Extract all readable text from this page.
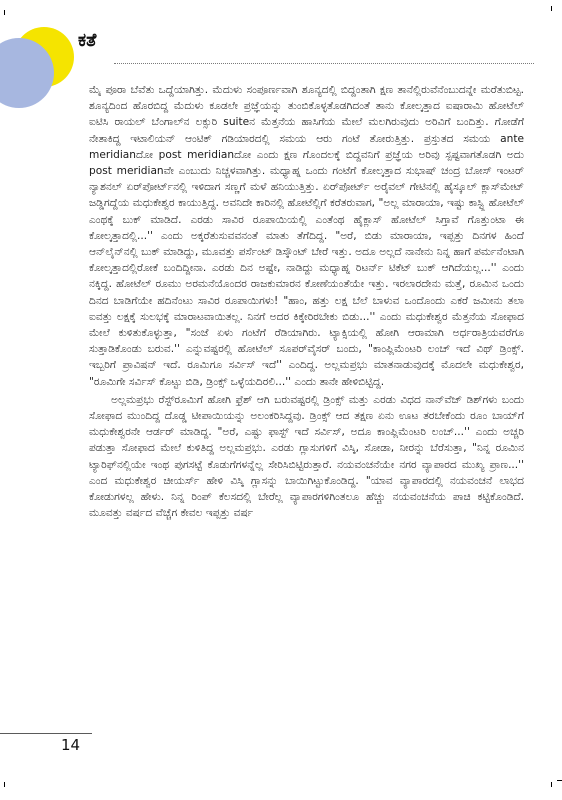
ಕತೆ

ಮೈ ಪೂರಾ ಬೆವೆತು ಒದ್ದೆಯಾಗಿತ್ತು. ಮೆದುಳು ಸಂಪೂರ್ಣವಾಗಿ ಶೂನ್ಯದಲ್ಲಿ ಬಿದ್ದಂತಾಗಿ ಕ್ಷಣ ತಾನೆಲ್ಲಿರುವೆನೆಂಬುದನ್ನೇ ಮರೆತುಬಿಟ್ಟ. ಶೂನ್ಯದಿಂದ ಹೊರಬಿದ್ದ ಮೆದುಳು ಕೂಡಲೇ ಪ್ರಜ್ಞೆಯನ್ನು ತುಂಬಿಕೊಳ್ಳತೊಡಗಿದಂತೆ ತಾನು ಕೋಲ್ಕತ್ತಾದ ಐಷಾರಾಮಿ ಹೋಟೆಲ್ ಐಟಿಸಿ ರಾಯಲ್ ಬೆಂಗಾಲ್‌ನ ಲಕ್ಸುರಿ suiteನ ಮೆತ್ತನೆಯ ಹಾಸಿಗೆಯ ಮೇಲೆ ಮಲಗಿರುವುದು ಅರಿವಿಗೆ ಬಂದಿತ್ತು. ಗೋಡೆಗೆ ನೇತಾಕಿದ್ದ ಇಟಾಲಿಯನ್ ಆಂಟಿಕ್ ಗಡಿಯಾರದಲ್ಲಿ ಸಮಯ ಆರು ಗಂಟೆ ತೋರುತ್ತಿತ್ತು. ಪ್ರಸ್ತುತದ ಸಮಯ ante meridianದೋ post meridianದೋ ಎಂದು ಕ್ಷಣ ಗೊಂದಲಕ್ಕೆ ಬಿದ್ದವನಿಗೆ ಪ್ರಜ್ಞೆಯ ಅರಿವು ಸ್ಪಷ್ಟವಾಗತೊಡಗಿ ಅದು post meridianವೇ ಎಂಬುದು ನಿಚ್ಚಳವಾಗಿತ್ತು. ಮಧ್ಯಾಹ್ನ ಒಂದು ಗಂಟೆಗೆ ಕೋಲ್ಕತ್ತಾದ ಸುಭಾಷ್ ಚಂದ್ರ ಬೋಸ್ ಇಂಟರ್ ನ್ಯಾಶನಲ್ ಏರ್‌ಪೋರ್ಟ್‌ನಲ್ಲಿ ಇಳಿದಾಗ ಸಣ್ಣಗೆ ಮಳೆ ಹನಿಯುತ್ತಿತ್ತು. ಏರ್‌ಪೋರ್ಟ್ ಅರೈವಲ್ ಗೇಟಿನಲ್ಲಿ ಹೈಸ್ಕೂಲ್ ಕ್ಲಾಸ್‌ಮೇಟ್ ಜಡ್ಡಿಗದ್ದೆಯ ಮಧುಕೇಶ್ವರ ಕಾಯುತ್ತಿದ್ದ. ಅವನಿದೇ ಕಾರಿನಲ್ಲಿ ಹೋಟೆಲ್ಲಿಗೆ ಕರೆತರುವಾಗ, "ಅಲ್ಲ ಮಾರಾಯಾ, ಇಷ್ಟು ಕಾಸ್ಟ್ಲಿ ಹೋಟೆಲ್ ಎಂಥಕ್ಕೆ ಬುಕ್ ಮಾಡಿದೆ. ಎರಡು ಸಾವಿರ ರೂಪಾಯಿಯಲ್ಲಿ ಎಂತೆಂಥ ಹೈಕ್ಲಾಸ್ ಹೋಟೆಲ್ ಸಿಗ್ತಾವೆ ಗೊತ್ತುಂಟಾ ಈ ಕೋಲ್ಕತ್ತಾದಲ್ಲಿ...'' ಎಂದು ಅಕ್ಕರೆತುಸುವವನಂತೆ ಮಾತು ತೆಗೆದಿದ್ದ. "ಅರೆ, ಬಿಡು ಮಾರಾಯಾ, ಇಪ್ಪತ್ತು ದಿನಗಳ ಹಿಂದೆ ಆನ್‌ಲೈನ್‌ನಲ್ಲಿ ಬುಕ್ ಮಾಡಿದ್ದು, ಮೂವತ್ತು ಪರ್ಸೆಂಟ್ ಡಿಸ್ಕೌಂಟ್ ಬೇರೆ ಇತ್ತು. ಅದೂ ಅಲ್ಲದೆ ನಾನೇನು ನಿನ್ನ ಹಾಗೆ ಪರ್ಮನೆಂಟಾಗಿ ಕೋಲ್ಕತ್ತಾದಲ್ಲಿರೋಕೆ ಬಂದಿದ್ದೀನಾ. ಎರಡು ದಿನ ಅಷ್ಟೇ, ನಾಡಿದ್ದು ಮಧ್ಯಾಹ್ನ ರಿಟರ್ನ್ ಟಿಕೆಟ್ ಬುಕ್ ಆಗಿದೆಯಲ್ಲ...'' ಎಂದು ನಕ್ಕಿದ್ದ. ಹೋಟೆಲ್ ರೂಮು ಅರಮನೆಯೊಂದರ ರಾಜಕುಮಾರನ ಕೋಣೆಯಂತೆಯೇ ಇತ್ತು. ಇರಲಾರದೇನು ಮತ್ತೆ, ರೂಮಿನ ಒಂದು ದಿನದ ಬಾಡಿಗೆಯೇ ಹದಿನೆಂಟು ಸಾವಿರ ರೂಪಾಯಿಗಳು! "ಹಾಂ, ಹತ್ತು ಲಕ್ಷ ಬೆಲೆ ಬಾಳುವ ಒಂದೊಂದು ಎಕರೆ ಜಮೀನು ತಲಾ ಐವತ್ತು ಲಕ್ಷಕ್ಕೆ ಸುಲಭಕ್ಕೆ ಮಾರಾಟವಾಯಿತಲ್ಲ. ನಿನಗೆ ಅದರ ಕಿಕ್ಕೇರಿರಬೇಕು ಬಿಡು...'' ಎಂದು ಮಧುಕೇಶ್ವರ ಮೆತ್ತನೆಯ ಸೋಫಾದ ಮೇಲೆ ಕುಳಿತುಕೊಳ್ಳುತ್ತಾ, "ಸಂಜೆ ಏಳು ಗಂಟೆಗೆ ರೆಡಿಯಾಗಿರು. ಟ್ಯಾಕ್ಸಿಯಲ್ಲಿ ಹೋಗಿ ಆರಾಮಾಗಿ ಅರ್ಧರಾತ್ರಿಯವರೆಗೂ ಸುತ್ತಾಡಿಕೊಂಡು ಬರುವ.'' ಎನ್ನುವಷ್ಟರಲ್ಲಿ ಹೋಟೆಲ್ ಸೂಪರ್‌ವೈಸರ್ ಬಂದು, "ಕಾಂಪ್ಲಿಮೆಂಟರಿ ಲಂಚ್ ಇದೆ ವಿಥ್ ಡ್ರಿಂಕ್ಸ್. ಇಬ್ಬರಿಗೆ ಪ್ರಾವಿಷನ್ ಇದೆ. ರೂಮಿಗೂ ಸರ್ವಿಸ್ ಇದೆ'' ಎಂದಿದ್ದ. ಅಲ್ಲಮಪ್ರಭು ಮಾತನಾಡುವುದಕ್ಕೆ ಮೊದಲೇ ಮಧುಕೇಶ್ವರ, "ರೂಮಿಗೇ ಸರ್ವಿಸ್ ಕೊಟ್ಟು ಬಿಡಿ, ಡ್ರಿಂಕ್ಸ್ ಒಳ್ಳೆಯದಿರಲಿ...'' ಎಂದು ತಾನೇ ಹೇಳಿಬಿಟ್ಟಿದ್ದ.

ಅಲ್ಲಮಪ್ರಭು ರೆಸ್ಟ್‌ರೂಮಿಗೆ ಹೋಗಿ ಫ್ರೆಶ್ ಆಗಿ ಬರುವಷ್ಟರಲ್ಲಿ ಡ್ರಿಂಕ್ಸ್ ಮತ್ತು ಎರಡು ವಿಧದ ನಾನ್‌ವೆಜ್ ಡಿಶ್‌ಗಳು ಬಂದು ಸೋಫಾದ ಮುಂದಿದ್ದ ದೊಡ್ಡ ಟೀಪಾಯಿಯನ್ನು ಅಲಂಕರಿಸಿದ್ದವು. ಡ್ರಿಂಕ್ಸ್ ಆದ ತಕ್ಷಣ ಏನು ಊಟ ತರಬೇಕೆಂದು ರೂಂ ಬಾಯ್‌ಗೆ ಮಧುಕೇಶ್ವರನೇ ಆರ್ಡರ್ ಮಾಡಿದ್ದ. "ಅರೆ, ಎಷ್ಟು ಫಾಸ್ಟ್ ಇದೆ ಸರ್ವಿಸ್, ಅದೂ ಕಾಂಪ್ಲಿಮೆಂಟರಿ ಲಂಚ್...'' ಎಂದು ಅಚ್ಚರಿ ಪಡುತ್ತಾ ಸೋಫಾದ ಮೇಲೆ ಕುಳಿತಿದ್ದ ಅಲ್ಲಮಪ್ರಭು. ಎರಡು ಗ್ಲಾಸುಗಳಿಗೆ ವಿಸ್ಕಿ, ಸೋಡಾ, ನೀರನ್ನು ಬೆರೆಸುತ್ತಾ, "ನಿನ್ನ ರೂಮಿನ ಟ್ಯಾರಿಫ್‌ನಲ್ಲಿಯೇ ಇಂಥ ಪುಗಸಟ್ಟೆ ಕೊಡುಗೆಗಳನ್ನೆಲ್ಲ ಸೇರಿಸಿಬಿಟ್ಟಿರುತ್ತಾರೆ. ನಯವಂಚನೆಯೇ ನಗರ ವ್ಯಾಪಾರದ ಮುಖ್ಯ ಪ್ರಾಣ...'' ಎಂದ ಮಧುಕೇಶ್ವರ ಚೀಯರ್ಸ್ ಹೇಳಿ ವಿಸ್ಕಿ ಗ್ಲಾಸನ್ನು ಬಾಯಿಗಿಟ್ಟುಕೊಂಡಿದ್ದ. "ಯಾವ ವ್ಯಾಪಾರದಲ್ಲಿ ನಯವಂಚನೆ ಲಾಭದ ಕೋಡುಗಳಲ್ಲ ಹೇಳು. ನಿನ್ನ ರಿಂಪ್ ಕೆಲಸದಲ್ಲಿ ಬೇರೆಲ್ಲ ವ್ಯಾಪಾರಗಳಿಗಿಂತಲೂ ಹೆಚ್ಚು ನಯವಂಚನೆಯ ಪಾಚಿ ಕಟ್ಟಿಕೊಂಡಿದೆ. ಮೂವತ್ತು ವರ್ಷದ ವೆಚ್ಚೆಗ ಕೇವಲ ಇಪ್ಪತ್ತು ವರ್ಷ

14
